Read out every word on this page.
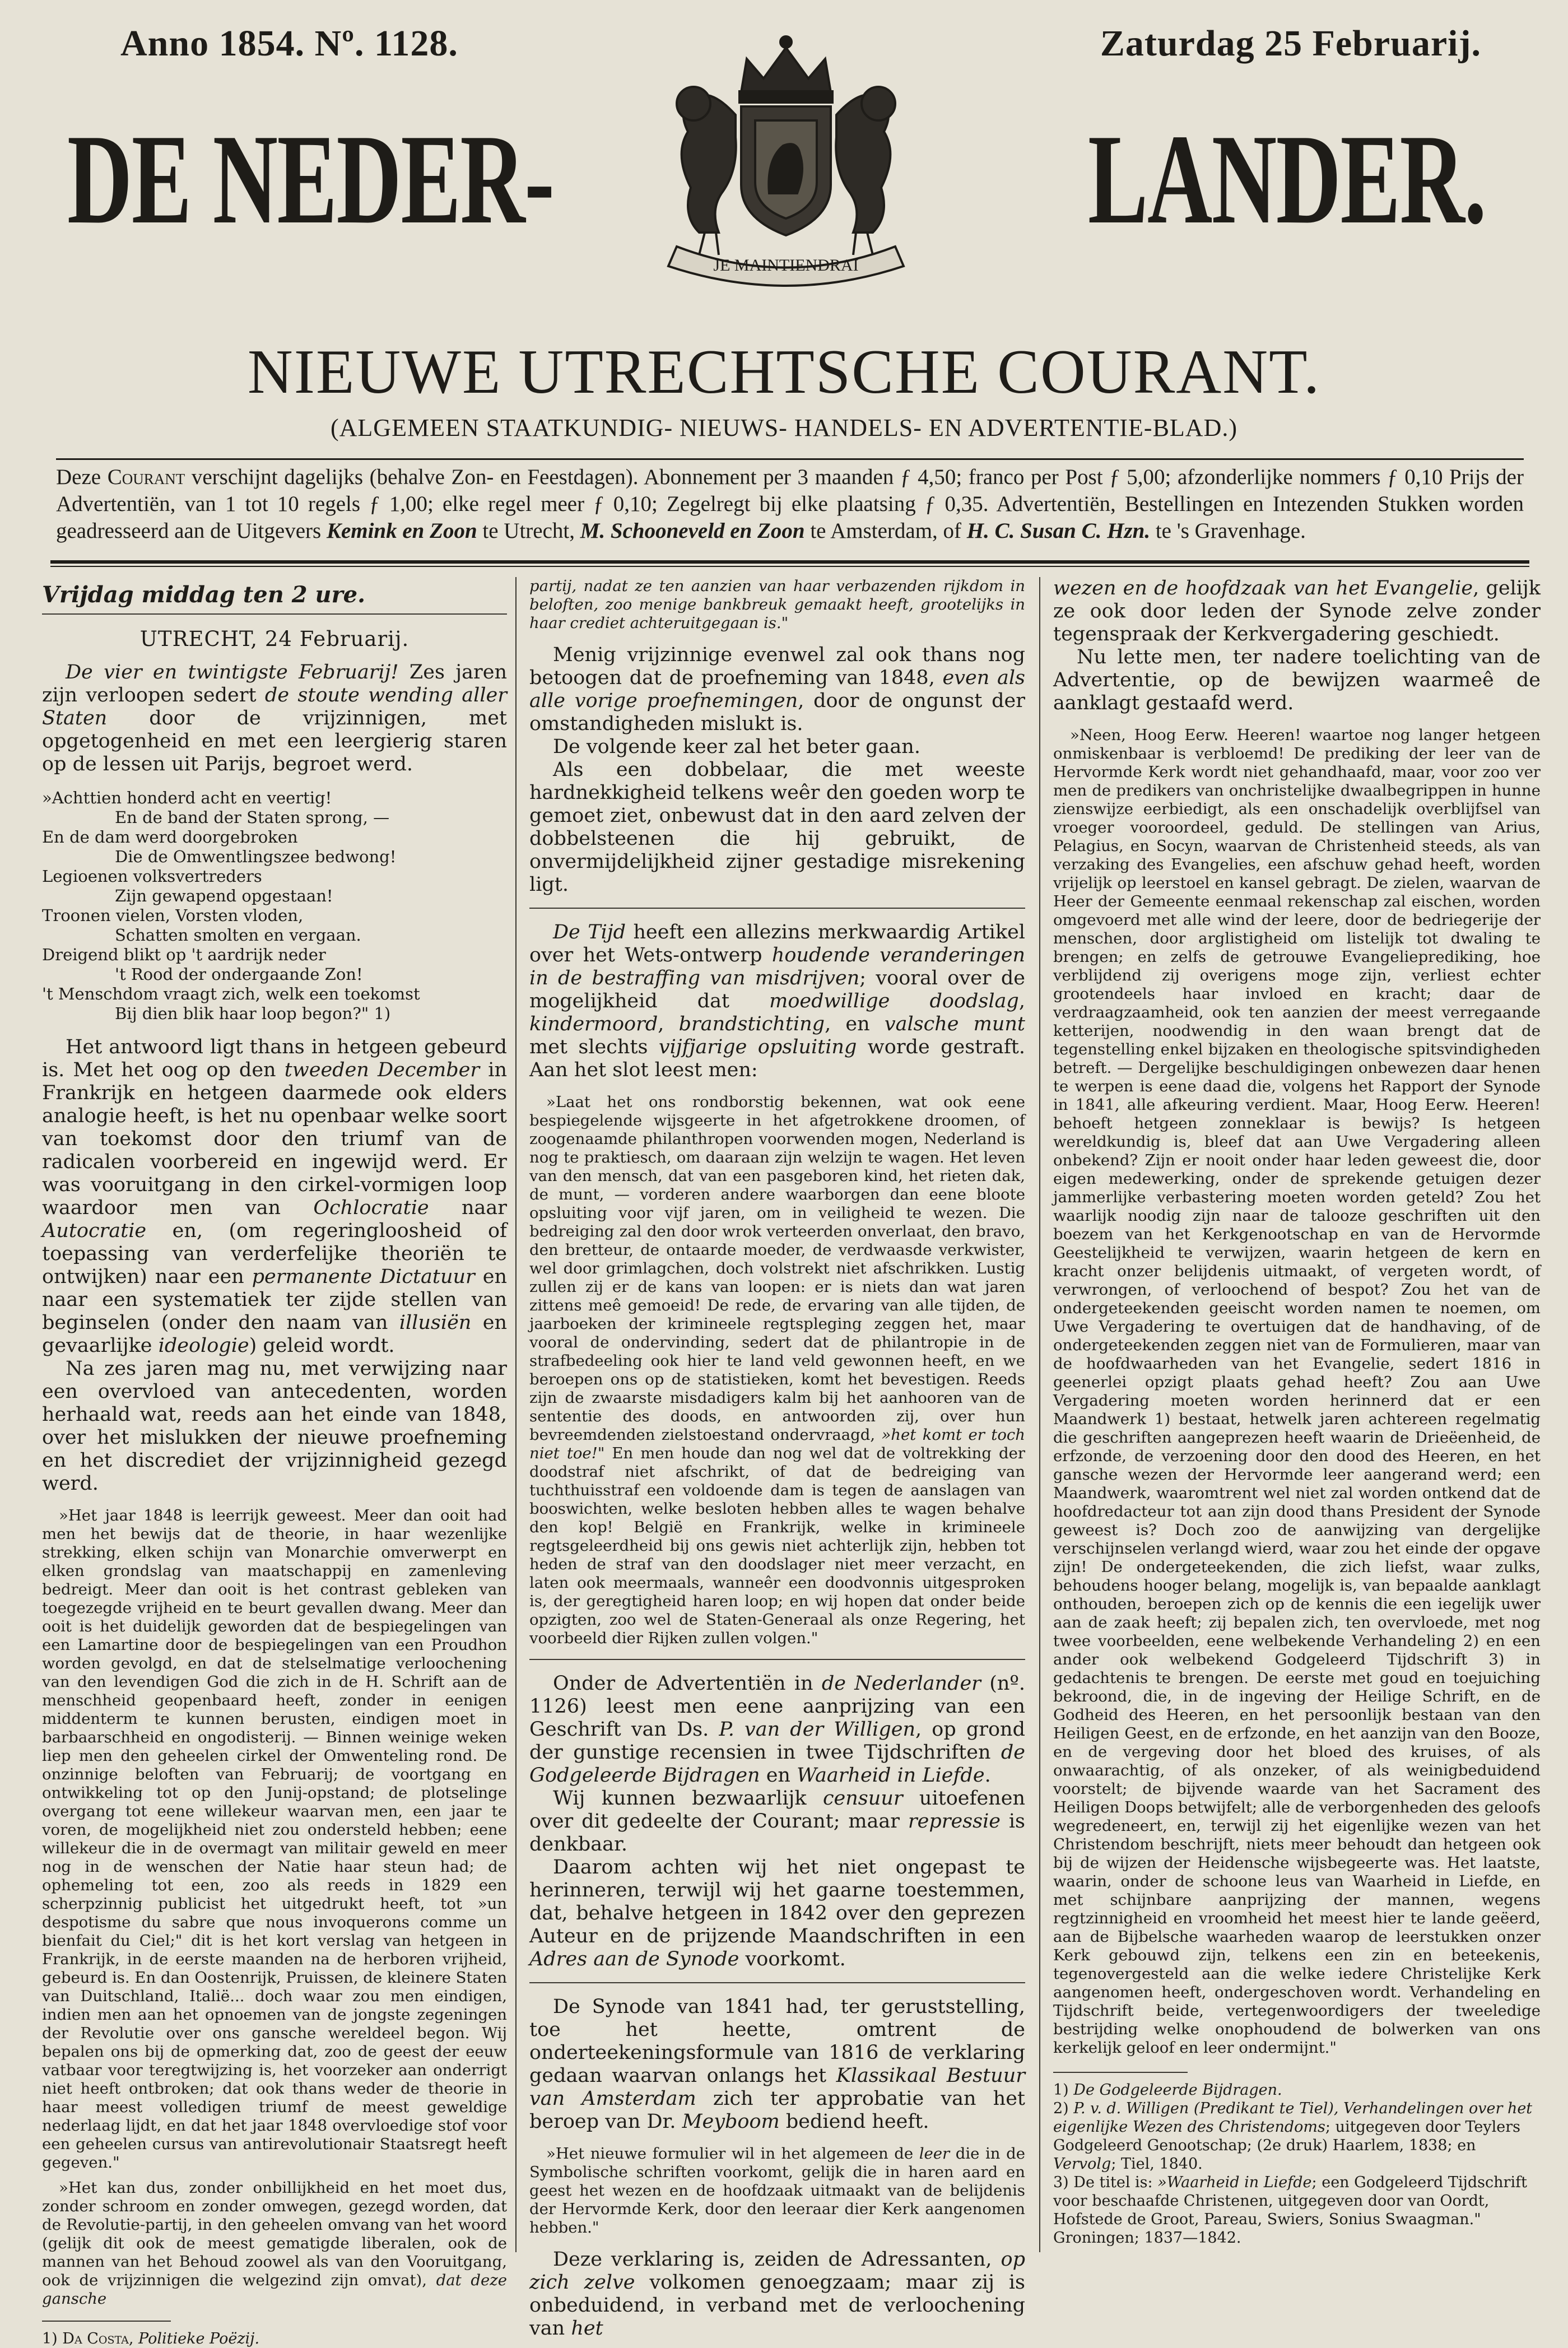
Anno 1854. Nº. 1128.	Zaturdag 25 Februarij.
DE NEDER-	LANDER.
JE MAINTIENDRAI
NIEUWE UTRECHTSCHE COURANT.
(ALGEMEEN STAATKUNDIG- NIEUWS- HANDELS- EN ADVERTENTIE-BLAD.)
Deze Courant verschijnt dagelijks (behalve Zon- en Feestdagen). Abonnement per 3 maanden ƒ 4,50; franco per Post ƒ 5,00; afzonderlijke nommers ƒ 0,10 Prijs der Advertentiën, van 1 tot 10 regels ƒ 1,00; elke regel meer ƒ 0,10; Zegelregt bij elke plaatsing ƒ 0,35. Advertentiën, Bestellingen en Intezenden Stukken worden geadresseerd aan de Uitgevers Kemink en Zoon te Utrecht, M. Schooneveld en Zoon te Amsterdam, of H. C. Susan C. Hzn. te 's Gravenhage.
Vrijdag middag ten 2 ure.
UTRECHT, 24 Februarij.

De vier en twintigste Februarij! Zes jaren zijn verloopen sedert de stoute wending aller Staten door de vrijzinnigen, met opgetogenheid en met een leergierig staren op de lessen uit Parijs, begroet werd.

»Achttien honderd acht en veertig!
En de band der Staten sprong, —
En de dam werd doorgebroken
Die de Omwentlingszee bedwong!
Legioenen volksvertreders
Zijn gewapend opgestaan!
Troonen vielen, Vorsten vloden,
Schatten smolten en vergaan.
Dreigend blikt op 't aardrijk neder
't Rood der ondergaande Zon!
't Menschdom vraagt zich, welk een toekomst
Bij dien blik haar loop begon?" 1)

Het antwoord ligt thans in hetgeen gebeurd is. Met het oog op den tweeden December in Frankrijk en hetgeen daarmede ook elders analogie heeft, is het nu openbaar welke soort van toekomst door den triumf van de radicalen voorbereid en ingewijd werd. Er was vooruitgang in den cirkel-vormigen loop waardoor men van Ochlocratie naar Autocratie en, (om regeringloosheid of toepassing van verderfelijke theoriën te ontwijken) naar een permanente Dictatuur en naar een systematiek ter zijde stellen van beginselen (onder den naam van illusiën en gevaarlijke ideologie) geleid wordt.

Na zes jaren mag nu, met verwijzing naar een overvloed van antecedenten, worden herhaald wat, reeds aan het einde van 1848, over het mislukken der nieuwe proefneming en het discrediet der vrijzinnigheid gezegd werd.

»Het jaar 1848 is leerrijk geweest. Meer dan ooit had men het bewijs dat de theorie, in haar wezenlijke strekking, elken schijn van Monarchie omverwerpt en elken grondslag van maatschappij en zamenleving bedreigt. Meer dan ooit is het contrast gebleken van toegezegde vrijheid en te beurt gevallen dwang. Meer dan ooit is het duidelijk geworden dat de bespiegelingen van een Lamartine door de bespiegelingen van een Proudhon worden gevolgd, en dat de stelselmatige verloochening van den levendigen God die zich in de H. Schrift aan de menschheid geopenbaard heeft, zonder in eenigen middenterm te kunnen berusten, eindigen moet in barbaarschheid en ongodisterij. — Binnen weinige weken liep men den geheelen cirkel der Omwenteling rond. De onzinnige beloften van Februarij; de voortgang en ontwikkeling tot op den Junij-opstand; de plotselinge overgang tot eene willekeur waarvan men, een jaar te voren, de mogelijkheid niet zou ondersteld hebben; eene willekeur die in de overmagt van militair geweld en meer nog in de wenschen der Natie haar steun had; de ophemeling tot een, zoo als reeds in 1829 een scherpzinnig publicist het uitgedrukt heeft, tot »un despotisme du sabre que nous invoquerons comme un bienfait du Ciel;" dit is het kort verslag van hetgeen in Frankrijk, in de eerste maanden na de herboren vrijheid, gebeurd is. En dan Oostenrijk, Pruissen, de kleinere Staten van Duitschland, Italië... doch waar zou men eindigen, indien men aan het opnoemen van de jongste zegeningen der Revolutie over ons gansche wereldeel begon. Wij bepalen ons bij de opmerking dat, zoo de geest der eeuw vatbaar voor teregtwijzing is, het voorzeker aan onderrigt niet heeft ontbroken; dat ook thans weder de theorie in haar meest volledigen triumf de meest geweldige nederlaag lijdt, en dat het jaar 1848 overvloedige stof voor een geheelen cursus van antirevolutionair Staatsregt heeft gegeven."

»Het kan dus, zonder onbillijkheid en het moet dus, zonder schroom en zonder omwegen, gezegd worden, dat de Revolutie-partij, in den geheelen omvang van het woord (gelijk dit ook de meest gematigde liberalen, ook de mannen van het Behoud zoowel als van den Vooruitgang, ook de vrijzinnigen die welgezind zijn omvat), dat deze gansche

1) Da Costa, Politieke Poëzij.

partij, nadat ze ten aanzien van haar verbazenden rijkdom in beloften, zoo menige bankbreuk gemaakt heeft, grootelijks in haar crediet achteruitgegaan is."

Menig vrijzinnige evenwel zal ook thans nog betoogen dat de proefneming van 1848, even als alle vorige proefnemingen, door de ongunst der omstandigheden mislukt is.

De volgende keer zal het beter gaan.

Als een dobbelaar, die met weeste hardnekkigheid telkens weêr den goeden worp te gemoet ziet, onbewust dat in den aard zelven der dobbelsteenen die hij gebruikt, de onvermijdelijkheid zijner gestadige misrekening ligt.

De Tijd heeft een allezins merkwaardig Artikel over het Wets-ontwerp houdende veranderingen in de bestraffing van misdrijven; vooral over de mogelijkheid dat moedwillige doodslag, kindermoord, brandstichting, en valsche munt met slechts vijfjarige opsluiting worde gestraft. Aan het slot leest men:

»Laat het ons rondborstig bekennen, wat ook eene bespiegelende wijsgeerte in het afgetrokkene droomen, of zoogenaamde philanthropen voorwenden mogen, Nederland is nog te praktiesch, om daaraan zijn welzijn te wagen. Het leven van den mensch, dat van een pasgeboren kind, het rieten dak, de munt, — vorderen andere waarborgen dan eene bloote opsluiting voor vijf jaren, om in veiligheid te wezen. Die bedreiging zal den door wrok verteerden onverlaat, den bravo, den bretteur, de ontaarde moeder, de verdwaasde verkwister, wel door grimlagchen, doch volstrekt niet afschrikken. Lustig zullen zij er de kans van loopen: er is niets dan wat jaren zittens meê gemoeid! De rede, de ervaring van alle tijden, de jaarboeken der krimineele regtspleging zeggen het, maar vooral de ondervinding, sedert dat de philantropie in de strafbedeeling ook hier te land veld gewonnen heeft, en we beroepen ons op de statistieken, komt het bevestigen. Reeds zijn de zwaarste misdadigers kalm bij het aanhooren van de sententie des doods, en antwoorden zij, over hun bevreemdenden zielstoestand ondervraagd, »het komt er toch niet toe!" En men houde dan nog wel dat de voltrekking der doodstraf niet afschrikt, of dat de bedreiging van tuchthuisstraf een voldoende dam is tegen de aanslagen van booswichten, welke besloten hebben alles te wagen behalve den kop! België en Frankrijk, welke in krimineele regtsgeleerdheid bij ons gewis niet achterlijk zijn, hebben tot heden de straf van den doodslager niet meer verzacht, en laten ook meermaals, wanneêr een doodvonnis uitgesproken is, der geregtigheid haren loop; en wij hopen dat onder beide opzigten, zoo wel de Staten-Generaal als onze Regering, het voorbeeld dier Rijken zullen volgen."

Onder de Advertentiën in de Nederlander (nº. 1126) leest men eene aanprijzing van een Geschrift van Ds. P. van der Willigen, op grond der gunstige recensien in twee Tijdschriften de Godgeleerde Bijdragen en Waarheid in Liefde.

Wij kunnen bezwaarlijk censuur uitoefenen over dit gedeelte der Courant; maar repressie is denkbaar.

Daarom achten wij het niet ongepast te herinneren, terwijl wij het gaarne toestemmen, dat, behalve hetgeen in 1842 over den geprezen Auteur en de prijzende Maandschriften in een Adres aan de Synode voorkomt.

De Synode van 1841 had, ter geruststelling, toe het heette, omtrent de onderteekeningsformule van 1816 de verklaring gedaan waarvan onlangs het Klassikaal Bestuur van Amsterdam zich ter approbatie van het beroep van Dr. Meyboom bediend heeft.

»Het nieuwe formulier wil in het algemeen de leer die in de Symbolische schriften voorkomt, gelijk die in haren aard en geest het wezen en de hoofdzaak uitmaakt van de belijdenis der Hervormde Kerk, door den leeraar dier Kerk aangenomen hebben."

Deze verklaring is, zeiden de Adressanten, op zich zelve volkomen genoegzaam; maar zij is onbeduidend, in verband met de verloochening van het

wezen en de hoofdzaak van het Evangelie, gelijk ze ook door leden der Synode zelve zonder tegenspraak der Kerkvergadering geschiedt.

Nu lette men, ter nadere toelichting van de Advertentie, op de bewijzen waarmeê de aanklagt gestaafd werd.

»Neen, Hoog Eerw. Heeren! waartoe nog langer hetgeen onmiskenbaar is verbloemd! De prediking der leer van de Hervormde Kerk wordt niet gehandhaafd, maar, voor zoo ver men de predikers van onchristelijke dwaalbegrippen in hunne zienswijze eerbiedigt, als een onschadelijk overblijfsel van vroeger vooroordeel, geduld. De stellingen van Arius, Pelagius, en Socyn, waarvan de Christenheid steeds, als van verzaking des Evangelies, een afschuw gehad heeft, worden vrijelijk op leerstoel en kansel gebragt. De zielen, waarvan de Heer der Gemeente eenmaal rekenschap zal eischen, worden omgevoerd met alle wind der leere, door de bedriegerije der menschen, door arglistigheid om listelijk tot dwaling te brengen; en zelfs de getrouwe Evangelieprediking, hoe verblijdend zij overigens moge zijn, verliest echter grootendeels haar invloed en kracht; daar de verdraagzaamheid, ook ten aanzien der meest verregaande ketterijen, noodwendig in den waan brengt dat de tegenstelling enkel bijzaken en theologische spitsvindigheden betreft. — Dergelijke beschuldigingen onbewezen daar henen te werpen is eene daad die, volgens het Rapport der Synode in 1841, alle afkeuring verdient. Maar, Hoog Eerw. Heeren! behoeft hetgeen zonneklaar is bewijs? Is hetgeen wereldkundig is, bleef dat aan Uwe Vergadering alleen onbekend? Zijn er nooit onder haar leden geweest die, door eigen medewerking, onder de sprekende getuigen dezer jammerlijke verbastering moeten worden geteld? Zou het waarlijk noodig zijn naar de talooze geschriften uit den boezem van het Kerkgenootschap en van de Hervormde Geestelijkheid te verwijzen, waarin hetgeen de kern en kracht onzer belijdenis uitmaakt, of vergeten wordt, of verwrongen, of verloochend of bespot? Zou het van de ondergeteekenden geeischt worden namen te noemen, om Uwe Vergadering te overtuigen dat de handhaving, of de ondergeteekenden zeggen niet van de Formulieren, maar van de hoofdwaarheden van het Evangelie, sedert 1816 in geenerlei opzigt plaats gehad heeft? Zou aan Uwe Vergadering moeten worden herinnerd dat er een Maandwerk 1) bestaat, hetwelk jaren achtereen regelmatig die geschriften aangeprezen heeft waarin de Drieëenheid, de erfzonde, de verzoening door den dood des Heeren, en het gansche wezen der Hervormde leer aangerand werd; een Maandwerk, waaromtrent wel niet zal worden ontkend dat de hoofdredacteur tot aan zijn dood thans President der Synode geweest is? Doch zoo de aanwijzing van dergelijke verschijnselen verlangd wierd, waar zou het einde der opgave zijn! De ondergeteekenden, die zich liefst, waar zulks, behoudens hooger belang, mogelijk is, van bepaalde aanklagt onthouden, beroepen zich op de kennis die een iegelijk uwer aan de zaak heeft; zij bepalen zich, ten overvloede, met nog twee voorbeelden, eene welbekende Verhandeling 2) en een ander ook welbekend Godgeleerd Tijdschrift 3) in gedachtenis te brengen. De eerste met goud en toejuiching bekroond, die, in de ingeving der Heilige Schrift, en de Godheid des Heeren, en het persoonlijk bestaan van den Heiligen Geest, en de erfzonde, en het aanzijn van den Booze, en de vergeving door het bloed des kruises, of als onwaarachtig, of als onzeker, of als weinigbeduidend voorstelt; de bijvende waarde van het Sacrament des Heiligen Doops betwijfelt; alle de verborgenheden des geloofs wegredeneert, en, terwijl zij het eigenlijke wezen van het Christendom beschrijft, niets meer behoudt dan hetgeen ook bij de wijzen der Heidensche wijsbegeerte was. Het laatste, waarin, onder de schoone leus van Waarheid in Liefde, en met schijnbare aanprijzing der mannen, wegens regtzinnigheid en vroomheid het meest hier te lande geëerd, aan de Bijbelsche waarheden waarop de leerstukken onzer Kerk gebouwd zijn, telkens een zin en beteekenis, tegenovergesteld aan die welke iedere Christelijke Kerk aangenomen heeft, ondergeschoven wordt. Verhandeling en Tijdschrift beide, vertegenwoordigers der tweeledige bestrijding welke onophoudend de bolwerken van ons kerkelijk geloof en leer ondermijnt."

1) De Godgeleerde Bijdragen.

2) P. v. d. Willigen (Predikant te Tiel), Verhandelingen over het eigenlijke Wezen des Christendoms; uitgegeven door Teylers Godgeleerd Genootschap; (2e druk) Haarlem, 1838; en Vervolg; Tiel, 1840.

3) De titel is: »Waarheid in Liefde; een Godgeleerd Tijdschrift voor beschaafde Christenen, uitgegeven door van Oordt, Hofstede de Groot, Pareau, Swiers, Sonius Swaagman." Groningen; 1837—1842.
